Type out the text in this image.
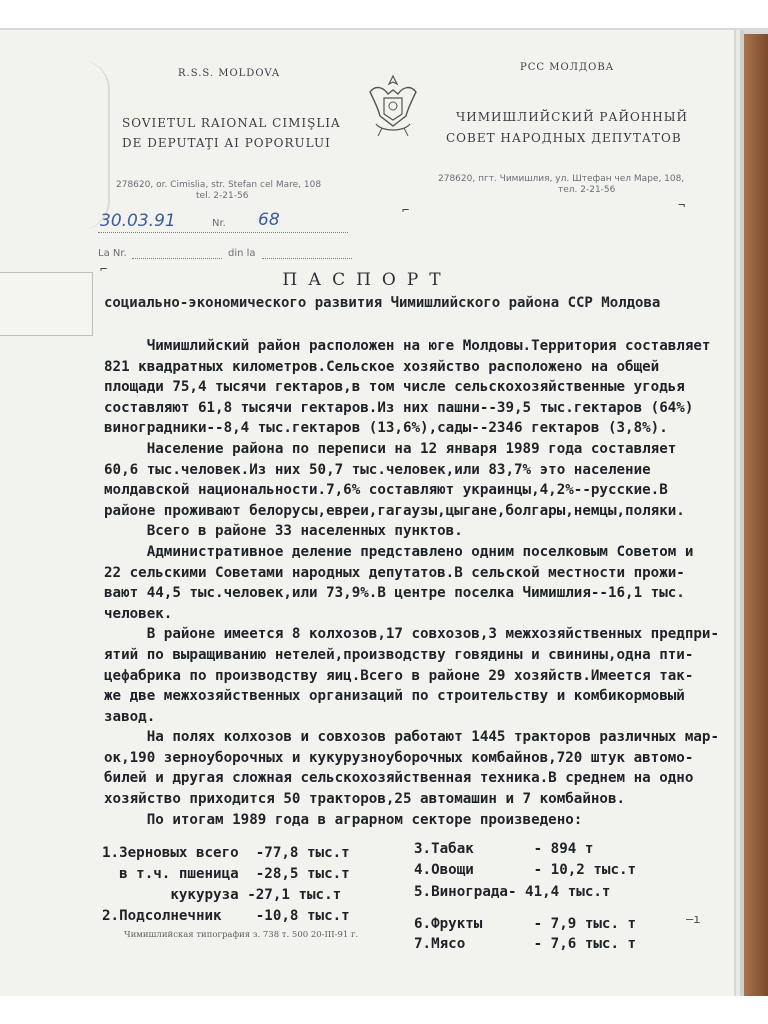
R.S.S. MOLDOVA
SOVIETUL RAIONAL CIMIŞLIA
DE DEPUTAŢI AI POPORULUI
278620, or. Cimislia, str. Stefan cel Mare, 108
tel. 2-21-56
РСС МОЛДОВА
ЧИМИШЛИЙСКИЙ РАЙОННЫЙ
СОВЕТ НАРОДНЫХ ДЕПУТАТОВ
278620, пгт. Чимишлия, ул. Штефан чел Маре, 108,
тел. 2-21-56
30.03.91	Nr. 68
La Nr.	din la
⌐	¬
⌐
ПАСПОРТ
социально-экономического развития Чимишлийского района ССР Молдова

Чимишлийский район расположен на юге Молдовы.Территория составляет

821 квадратных километров.Сельское хозяйство расположено на общей

площади 75,4 тысячи гектаров,в том числе сельскохозяйственные угодья

составляют 61,8 тысячи гектаров.Из них пашни--39,5 тыс.гектаров (64%)

виноградники--8,4 тыс.гектаров (13,6%),сады--2346 гектаров (3,8%).

Население района по переписи на 12 января 1989 года составляет

60,6 тыс.человек.Из них 50,7 тыс.человек,или 83,7% это население

молдавской национальности.7,6% составляют украинцы,4,2%--русские.В

районе проживают белорусы,евреи,гагаузы,цыгане,болгары,немцы,поляки.

Всего в районе 33 населенных пунктов.

Административное деление представлено одним поселковым Советом и

22 сельскими Советами народных депутатов.В сельской местности прожи-

вают 44,5 тыс.человек,или 73,9%.В центре поселка Чимишлия--16,1 тыс.

человек.

В районе имеется 8 колхозов,17 совхозов,3 межхозяйственных предпри-

ятий по выращиванию нетелей,производству говядины и свинины,одна пти-

цефабрика по производству яиц.Всего в районе 29 хозяйств.Имеется так-

же две межхозяйственных организаций по строительству и комбикормовый

завод.

На полях колхозов и совхозов работают 1445 тракторов различных мар-

ок,190 зерноуборочных и кукурузноуборочных комбайнов,720 штук автомо-

билей и другая сложная сельскохозяйственная техника.В среднем на одно

хозяйство приходится 50 тракторов,25 автомашин и 7 комбайнов.

По итогам 1989 года в аграрном секторе произведено:

1.Зерновых всего  -77,8 тыс.т
в т.ч. пшеница  -28,5 тыс.т
кукуруза -27,1 тыс.т
2.Подсолнечник    -10,8 тыс.т
3.Табак       - 894 т
4.Овощи       - 10,2 тыс.т
5.Винограда- 41,4 тыс.т
6.Фрукты      - 7,9 тыс. т
7.Мясо        - 7,6 тыс. т
—ı
Чимишлийская типография з. 738 т. 500 20-III-91 г.
